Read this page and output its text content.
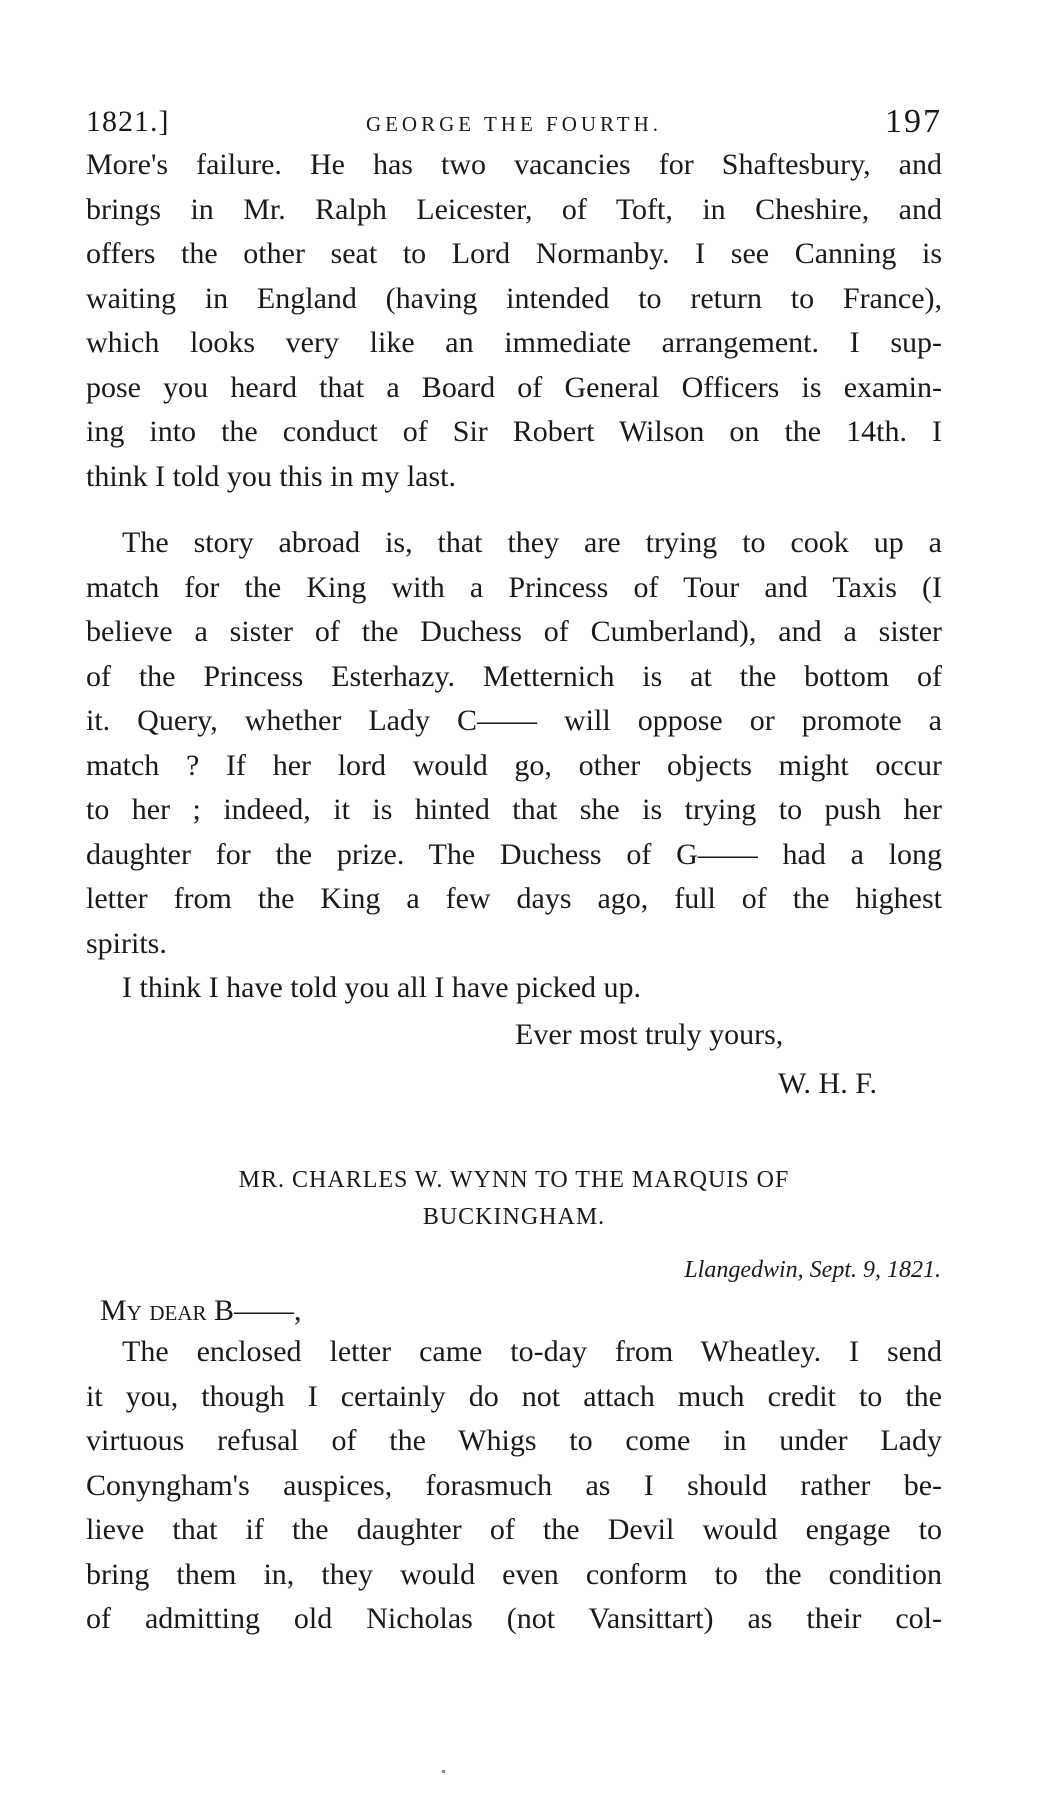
1821.]	GEORGE THE FOURTH.	197
More's failure. He has two vacancies for Shaftesbury, and
brings in Mr. Ralph Leicester, of Toft, in Cheshire, and
offers the other seat to Lord Normanby. I see Canning is
waiting in England (having intended to return to France),
which looks very like an immediate arrangement. I sup-
pose you heard that a Board of General Officers is examin-
ing into the conduct of Sir Robert Wilson on the 14th. I
think I told you this in my last.
The story abroad is, that they are trying to cook up a
match for the King with a Princess of Tour and Taxis (I
believe a sister of the Duchess of Cumberland), and a sister
of the Princess Esterhazy. Metternich is at the bottom of
it. Query, whether Lady C—— will oppose or promote a
match ? If her lord would go, other objects might occur
to her ; indeed, it is hinted that she is trying to push her
daughter for the prize. The Duchess of G—— had a long
letter from the King a few days ago, full of the highest
spirits.
I think I have told you all I have picked up.
Ever most truly yours,
W. H. F.
MR. CHARLES W. WYNN TO THE MARQUIS OF
BUCKINGHAM.
Llangedwin, Sept. 9, 1821.
My dear B——,
The enclosed letter came to-day from Wheatley. I send
it you, though I certainly do not attach much credit to the
virtuous refusal of the Whigs to come in under Lady
Conyngham's auspices, forasmuch as I should rather be-
lieve that if the daughter of the Devil would engage to
bring them in, they would even conform to the condition
of admitting old Nicholas (not Vansittart) as their col-
